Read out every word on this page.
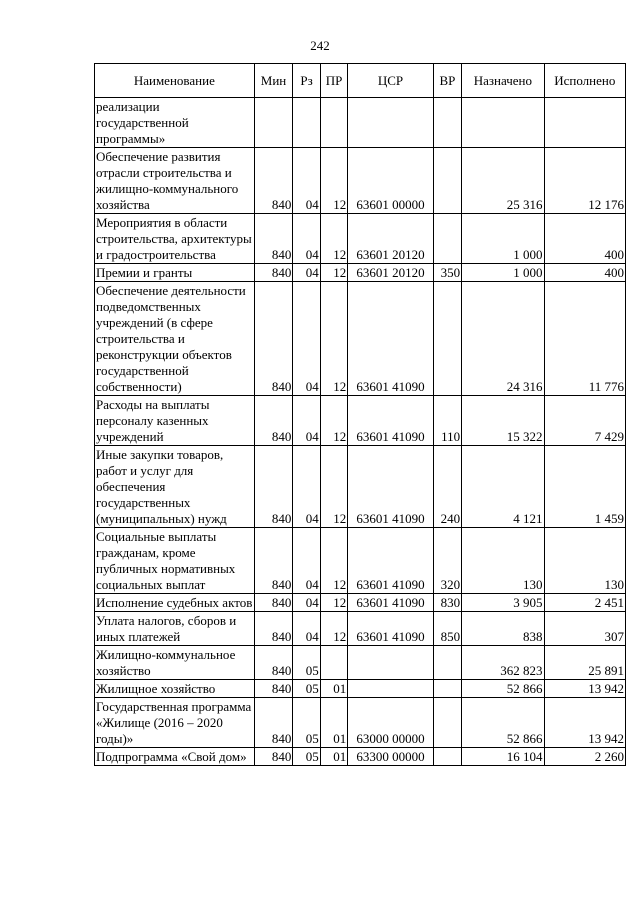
242
Наименование	Мин	Рз	ПР	ЦСР	ВР	Назначено	Исполнено
реализации государственной программы»							
Обеспечение развития отрасли строительства и жилищно-коммунального хозяйства	840	04	12	63601 00000		25 316	12 176
Мероприятия в области строительства, архитектуры и градостроительства	840	04	12	63601 20120		1 000	400
Премии и гранты	840	04	12	63601 20120	350	1 000	400
Обеспечение деятельности подведомственных учреждений (в сфере строительства и реконструкции объектов государственной собственности)	840	04	12	63601 41090		24 316	11 776
Расходы на выплаты персоналу казенных учреждений	840	04	12	63601 41090	110	15 322	7 429
Иные закупки товаров, работ и услуг для обеспечения государственных (муниципальных) нужд	840	04	12	63601 41090	240	4 121	1 459
Социальные выплаты гражданам, кроме публичных нормативных социальных выплат	840	04	12	63601 41090	320	130	130
Исполнение судебных актов	840	04	12	63601 41090	830	3 905	2 451
Уплата налогов, сборов и иных платежей	840	04	12	63601 41090	850	838	307
Жилищно-коммунальное хозяйство	840	05				362 823	25 891
Жилищное хозяйство	840	05	01			52 866	13 942
Государственная программа «Жилище (2016 – 2020 годы)»	840	05	01	63000 00000		52 866	13 942
Подпрограмма «Свой дом»	840	05	01	63300 00000		16 104	2 260
